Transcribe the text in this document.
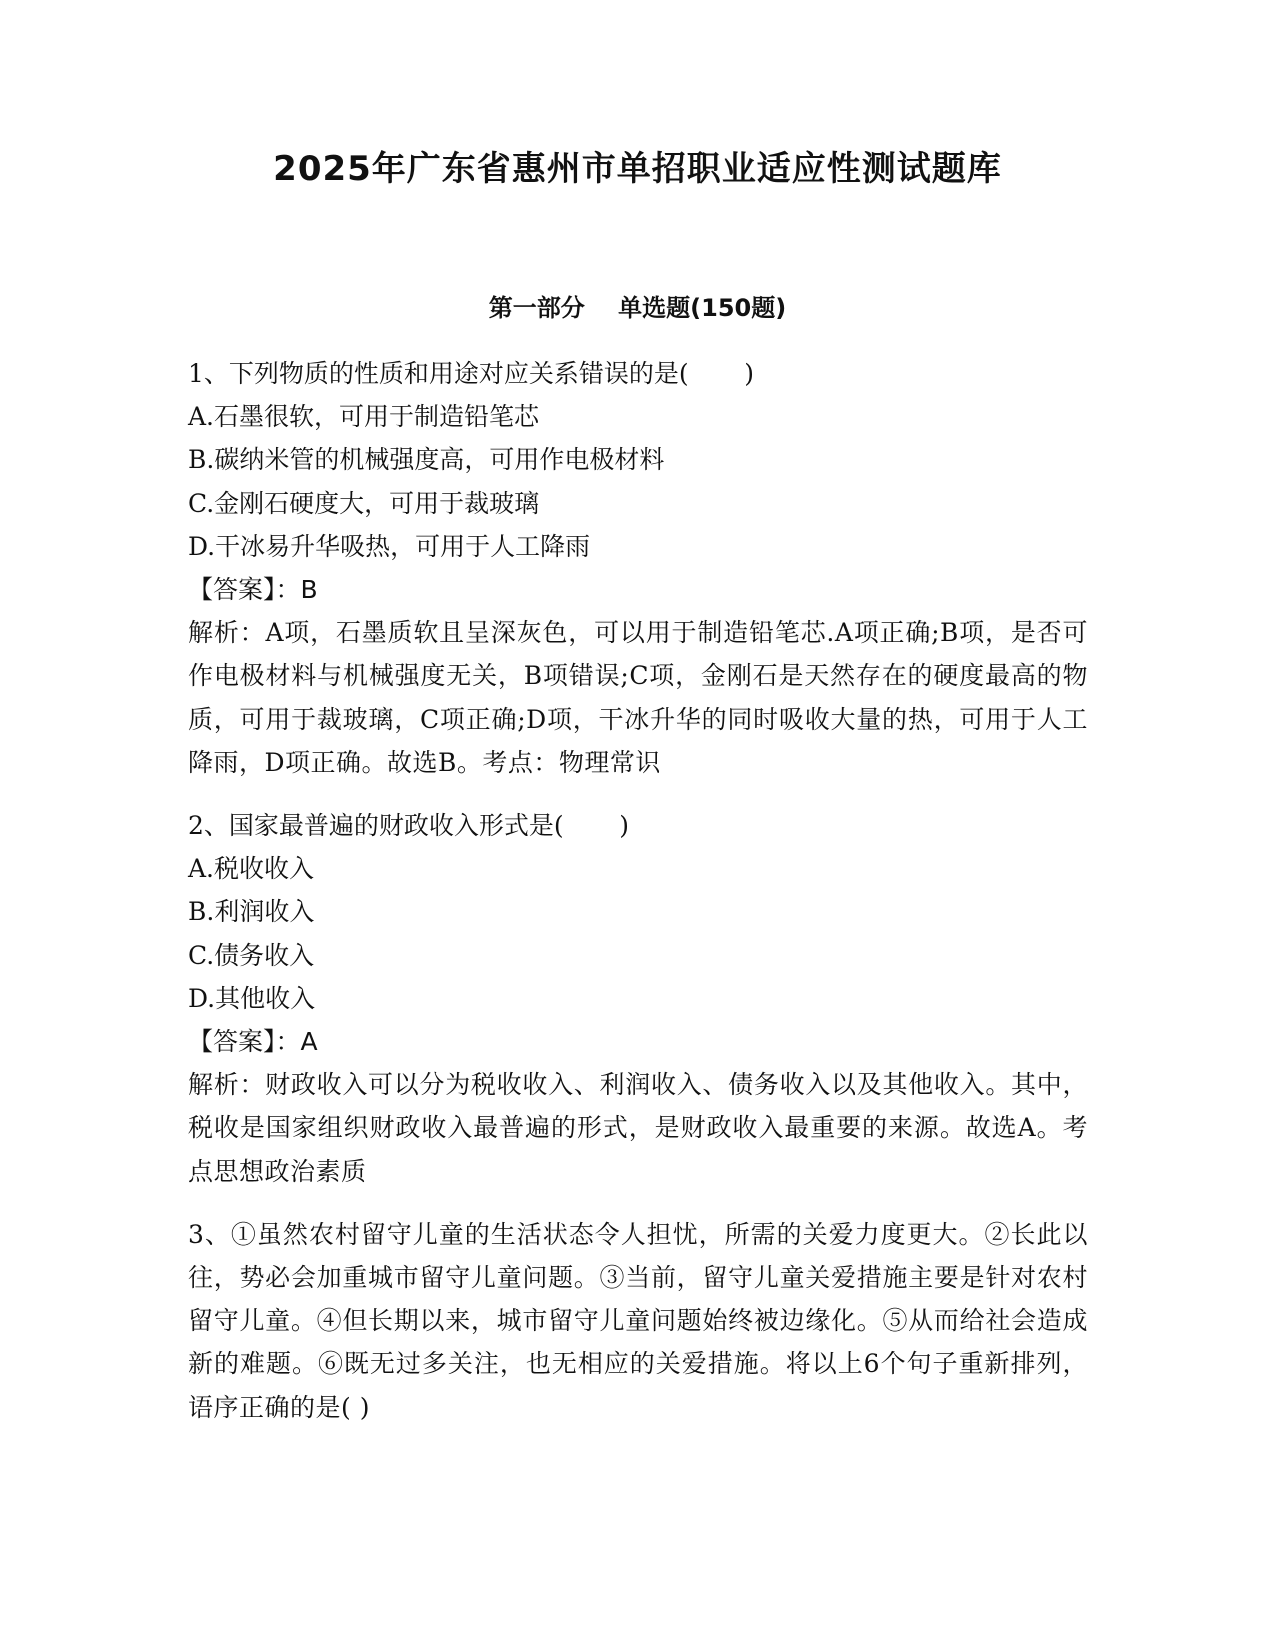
2025年广东省惠州市单招职业适应性测试题库
第一部分    单选题(150题)
1、下列物质的性质和用途对应关系错误的是(       )
A.石墨很软，可用于制造铅笔芯
B.碳纳米管的机械强度高，可用作电极材料
C.金刚石硬度大，可用于裁玻璃
D.干冰易升华吸热，可用于人工降雨
【答案】：B
解析：A项，石墨质软且呈深灰色，可以用于制造铅笔芯.A项正确;B项，是否可作电极材料与机械强度无关，B项错误;C项，金刚石是天然存在的硬度最高的物质，可用于裁玻璃，C项正确;D项，干冰升华的同时吸收大量的热，可用于人工降雨，D项正确。故选B。考点：物理常识
2、国家最普遍的财政收入形式是(       )
A.税收收入
B.利润收入
C.债务收入
D.其他收入
【答案】：A
解析：财政收入可以分为税收收入、利润收入、债务收入以及其他收入。其中，税收是国家组织财政收入最普遍的形式，是财政收入最重要的来源。故选A。考点思想政治素质
3、①虽然农村留守儿童的生活状态令人担忧，所需的关爱力度更大。②长此以往，势必会加重城市留守儿童问题。③当前，留守儿童关爱措施主要是针对农村留守儿童。④但长期以来，城市留守儿童问题始终被边缘化。⑤从而给社会造成新的难题。⑥既无过多关注，也无相应的关爱措施。将以上6个句子重新排列，语序正确的是( )
